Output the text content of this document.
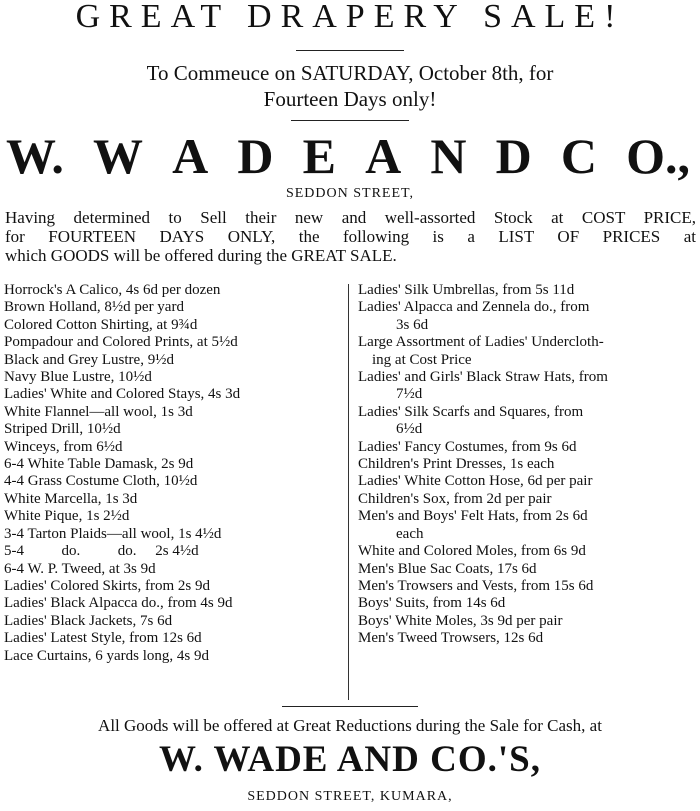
GREAT DRAPERY SALE!
To Commeuce on SATURDAY, October 8th, for
Fourteen Days only!
W. W A D E A N D C O.,
SEDDON STREET,
Having determined to Sell their new and well-assorted Stock at COST PRICE,
for FOURTEEN DAYS ONLY, the following is a LIST OF PRICES at
which GOODS will be offered during the GREAT SALE.
Horrock's A Calico, 4s 6d per dozen
Brown Holland, 8½d per yard
Colored Cotton Shirting, at 9¾d
Pompadour and Colored Prints, at 5½d
Black and Grey Lustre, 9½d
Navy Blue Lustre, 10½d
Ladies' White and Colored Stays, 4s 3d
White Flannel—all wool, 1s 3d
Striped Drill, 10½d
Winceys, from 6½d
6-4 White Table Damask, 2s 9d
4-4 Grass Costume Cloth, 10½d
White Marcella, 1s 3d
White Pique, 1s 2½d
3-4 Tarton Plaids—all wool, 1s 4½d
5-4          do.          do.     2s 4½d
6-4 W. P. Tweed, at 3s 9d
Ladies' Colored Skirts, from 2s 9d
Ladies' Black Alpacca do., from 4s 9d
Ladies' Black Jackets, 7s 6d
Ladies' Latest Style, from 12s 6d
Lace Curtains, 6 yards long, 4s 9d
Ladies' Silk Umbrellas, from 5s 11d
Ladies' Alpacca and Zennela do., from
3s 6d
Large Assortment of Ladies' Undercloth-
ing at Cost Price
Ladies' and Girls' Black Straw Hats, from
7½d
Ladies' Silk Scarfs and Squares, from
6½d
Ladies' Fancy Costumes, from 9s 6d
Children's Print Dresses, 1s each
Ladies' White Cotton Hose, 6d per pair
Children's Sox, from 2d per pair
Men's and Boys' Felt Hats, from 2s 6d
each
White and Colored Moles, from 6s 9d
Men's Blue Sac Coats, 17s 6d
Men's Trowsers and Vests, from 15s 6d
Boys' Suits, from 14s 6d
Boys' White Moles, 3s 9d per pair
Men's Tweed Trowsers, 12s 6d
All Goods will be offered at Great Reductions during the Sale for Cash, at
W. WADE AND CO.'S,
SEDDON STREET, KUMARA,
